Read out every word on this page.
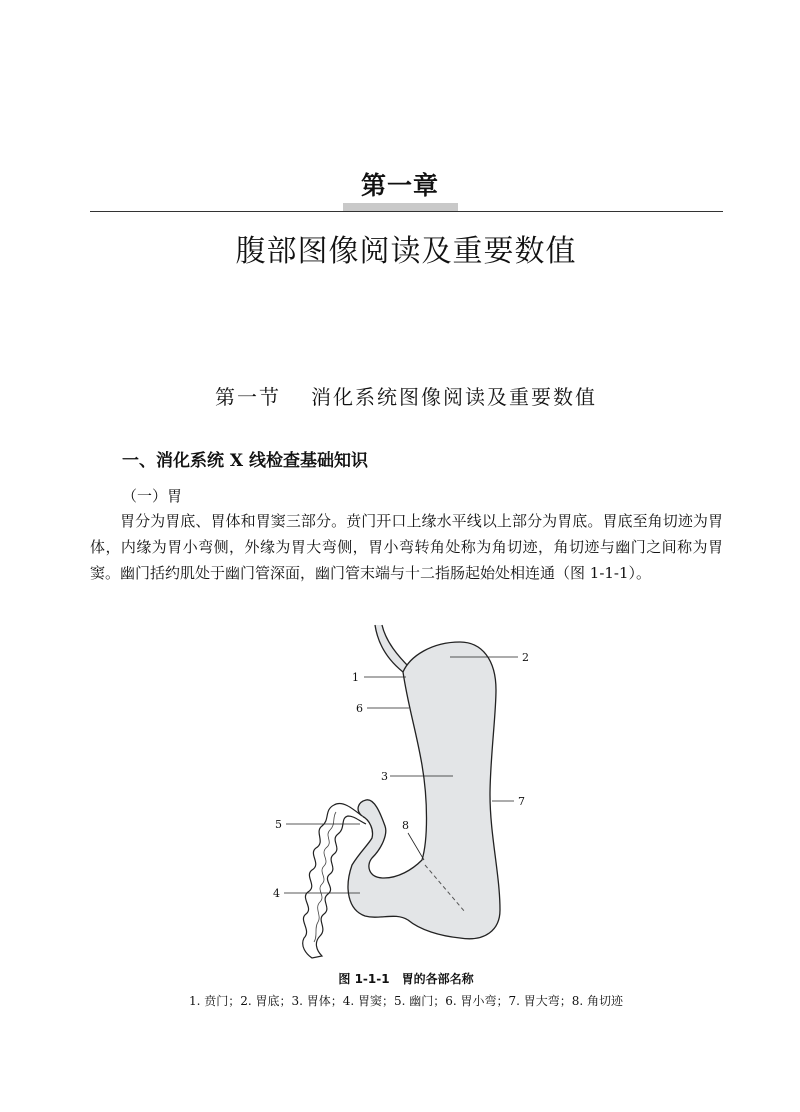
第一章
腹部图像阅读及重要数值
第一节 消化系统图像阅读及重要数值
一、消化系统 X 线检查基础知识
（一）胃
胃分为胃底、胃体和胃窦三部分。贲门开口上缘水平线以上部分为胃底。胃底至角切迹为胃体，内缘为胃小弯侧，外缘为胃大弯侧，胃小弯转角处称为角切迹，角切迹与幽门之间称为胃窦。幽门括约肌处于幽门管深面，幽门管末端与十二指肠起始处相连通（图 1-1-1）。
1
2
3
4
5
6
7
8
图 1-1-1　胃的各部名称
1. 贲门；2. 胃底；3. 胃体；4. 胃窦；5. 幽门；6. 胃小弯；7. 胃大弯；8. 角切迹
